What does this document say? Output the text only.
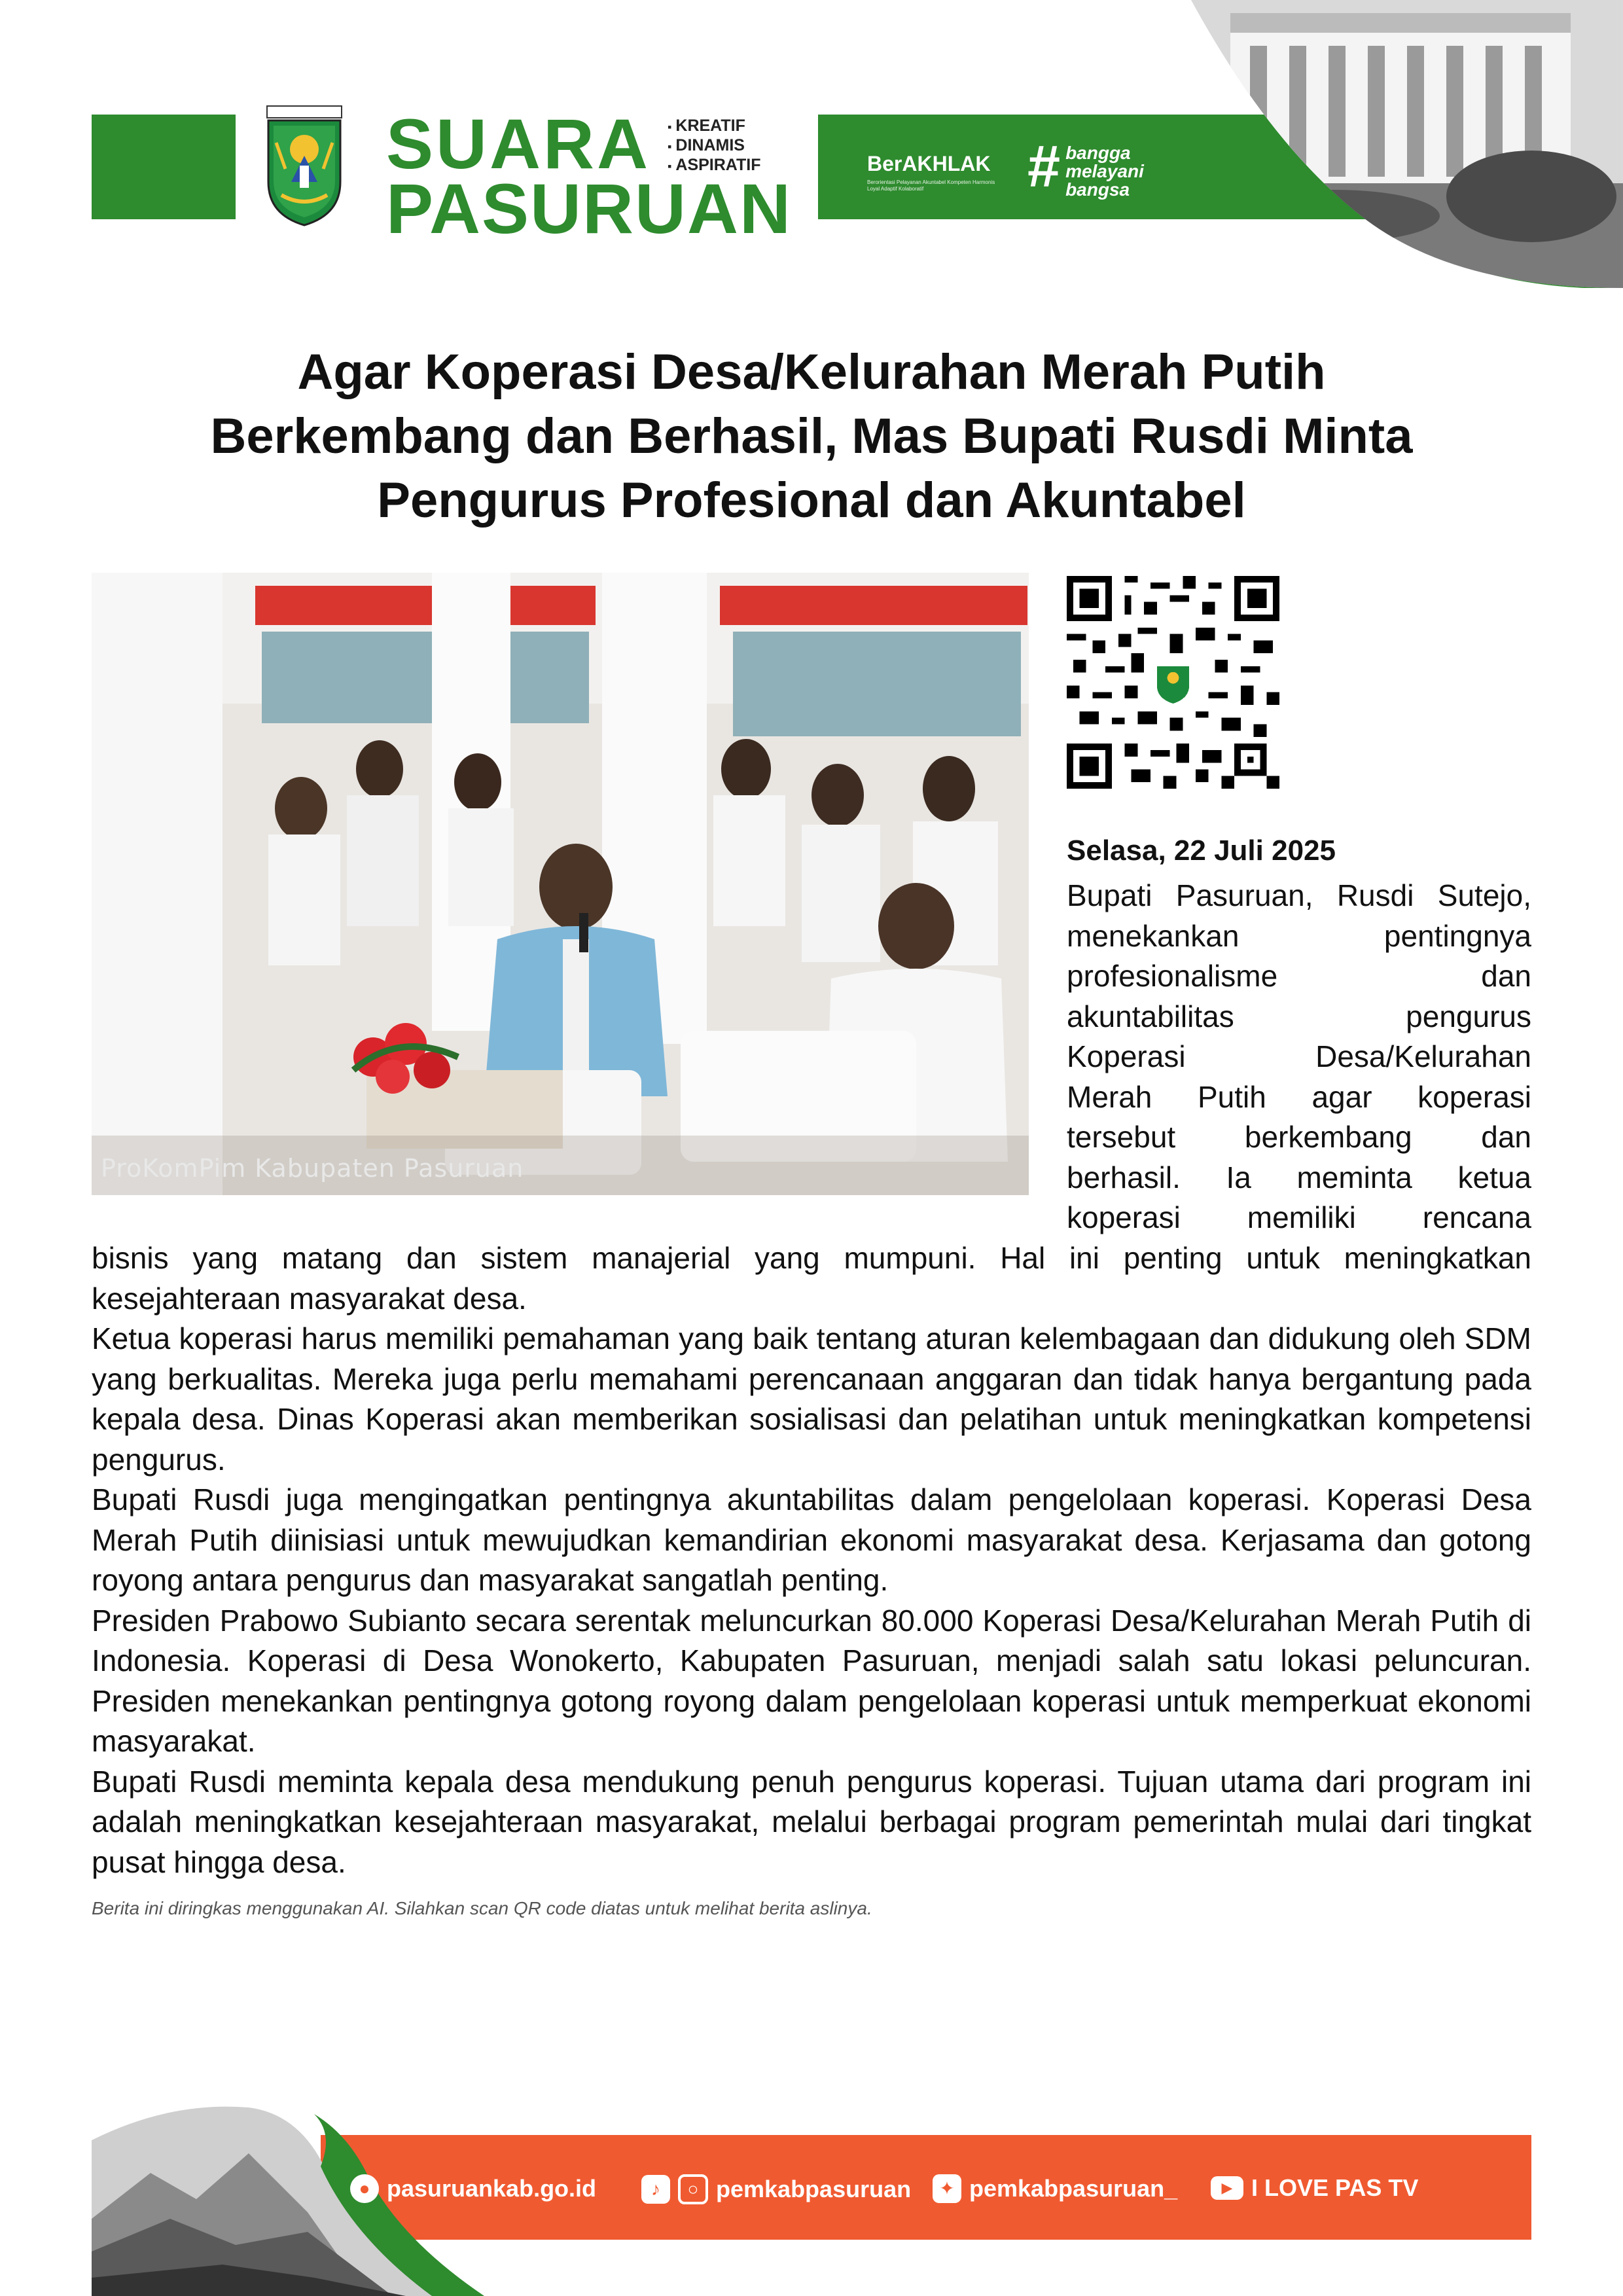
SUARA
PASURUAN
▪ KREATIF
▪ DINAMIS
▪ ASPIRATIF	BerAKHLAK
Berorientasi Pelayanan Akuntabel Kompeten Harmonis Loyal Adaptif Kolaboratif	# bangga
melayani
bangsa
Agar Koperasi Desa/Kelurahan Merah Putih
Berkembang dan Berhasil, Mas Bupati Rusdi Minta
Pengurus Profesional dan Akuntabel
ProKomPim Kabupaten Pasuruan
Selasa, 22 Juli 2025
Bupati Pasuruan, Rusdi Sutejo,
menekankan pentingnya
profesionalisme dan
akuntabilitas pengurus
Koperasi Desa/Kelurahan
Merah Putih agar koperasi
tersebut berkembang dan
berhasil. Ia meminta ketua
koperasi memiliki rencana

bisnis yang matang dan sistem manajerial yang mumpuni. Hal ini penting untuk meningkatkan kesejahteraan masyarakat desa.

Ketua koperasi harus memiliki pemahaman yang baik tentang aturan kelembagaan dan didukung oleh SDM yang berkualitas. Mereka juga perlu memahami perencanaan anggaran dan tidak hanya bergantung pada kepala desa. Dinas Koperasi akan memberikan sosialisasi dan pelatihan untuk meningkatkan kompetensi pengurus.

Bupati Rusdi juga mengingatkan pentingnya akuntabilitas dalam pengelolaan koperasi. Koperasi Desa Merah Putih diinisiasi untuk mewujudkan kemandirian ekonomi masyarakat desa. Kerjasama dan gotong royong antara pengurus dan masyarakat sangatlah penting.

Presiden Prabowo Subianto secara serentak meluncurkan 80.000 Koperasi Desa/Kelurahan Merah Putih di Indonesia. Koperasi di Desa Wonokerto, Kabupaten Pasuruan, menjadi salah satu lokasi peluncuran. Presiden menekankan pentingnya gotong royong dalam pengelolaan koperasi untuk memperkuat ekonomi masyarakat.

Bupati Rusdi meminta kepala desa mendukung penuh pengurus koperasi. Tujuan utama dari program ini adalah meningkatkan kesejahteraan masyarakat, melalui berbagai program pemerintah mulai dari tingkat pusat hingga desa.

Berita ini diringkas menggunakan AI. Silahkan scan QR code diatas untuk melihat berita aslinya.
● pasuruankab.go.id	♪	○ pemkabpasuruan	✦ pemkabpasuruan_	▶ I LOVE PAS TV
